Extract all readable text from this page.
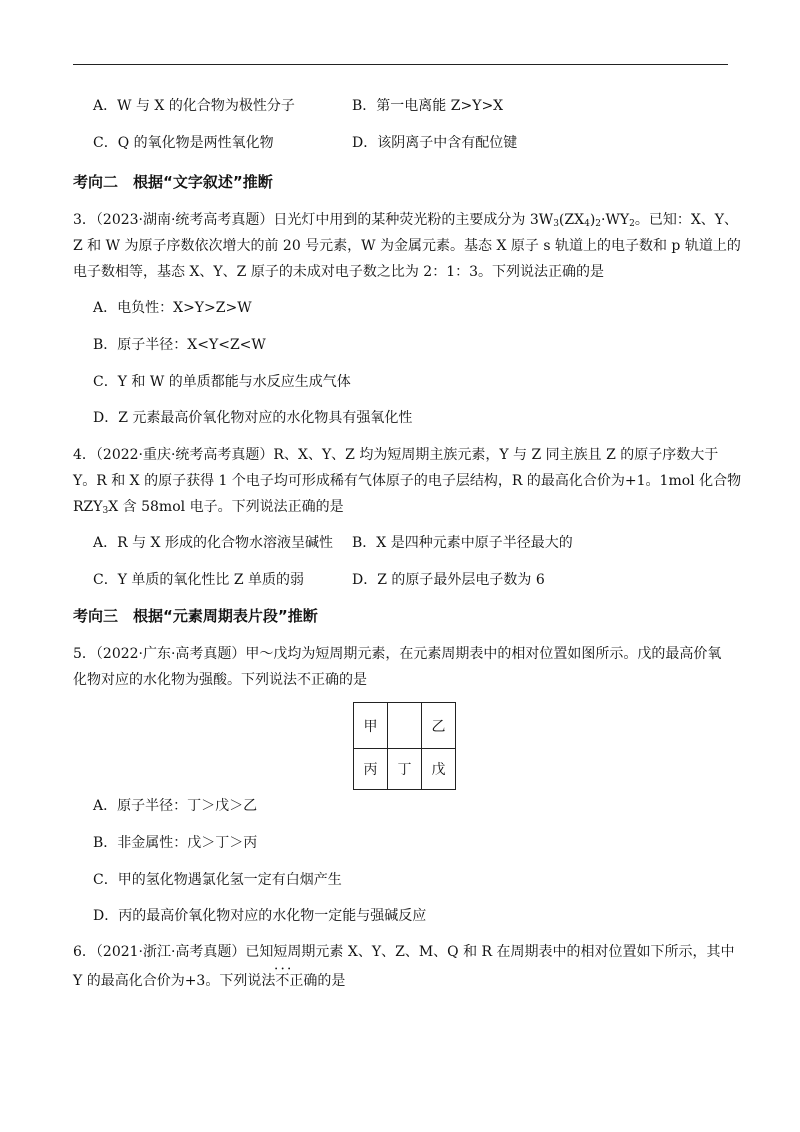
A．W 与 X 的化合物为极性分子	B．第一电离能 Z>Y>X
C．Q 的氧化物是两性氧化物	D．该阴离子中含有配位键
考向二　根据“文字叙述”推断
3．（2023·湖南·统考高考真题）日光灯中用到的某种荧光粉的主要成分为 $3W_3(ZX_4)_2\cdot WY_2$。已知：X、Y、
Z 和 W 为原子序数依次增大的前 20 号元素，W 为金属元素。基态 X 原子 s 轨道上的电子数和 p 轨道上的
电子数相等，基态 X、Y、Z 原子的未成对电子数之比为 2：1：3。下列说法正确的是
A．电负性：X>Y>Z>W
B．原子半径：X<Y<Z<W
C．Y 和 W 的单质都能与水反应生成气体
D．Z 元素最高价氧化物对应的水化物具有强氧化性
4．（2022·重庆·统考高考真题）R、X、Y、Z 均为短周期主族元素，Y 与 Z 同主族且 Z 的原子序数大于
Y。R 和 X 的原子获得 1 个电子均可形成稀有气体原子的电子层结构，R 的最高化合价为+1。1mol 化合物
$RZY_3X$ 含 58mol 电子。下列说法正确的是
A．R 与 X 形成的化合物水溶液呈碱性 B．X 是四种元素中原子半径最大的
C．Y 单质的氧化性比 Z 单质的弱	D．Z 的原子最外层电子数为 6
考向三　根据“元素周期表片段”推断
5．（2022·广东·高考真题）甲～戊均为短周期元素，在元素周期表中的相对位置如图所示。戊的最高价氧
化物对应的水化物为强酸。下列说法不正确的是
甲		乙
丙	丁	戊
A．原子半径：丁＞戊＞乙
B．非金属性：戊＞丁＞丙
C．甲的氢化物遇氯化氢一定有白烟产生
D．丙的最高价氧化物对应的水化物一定能与强碱反应
6．（2021·浙江·高考真题）已知短周期元素 X、Y、Z、M、Q 和 R 在周期表中的相对位置如下所示，其中
Y 的最高化合价为+3。下列说法不正确 •••的是
